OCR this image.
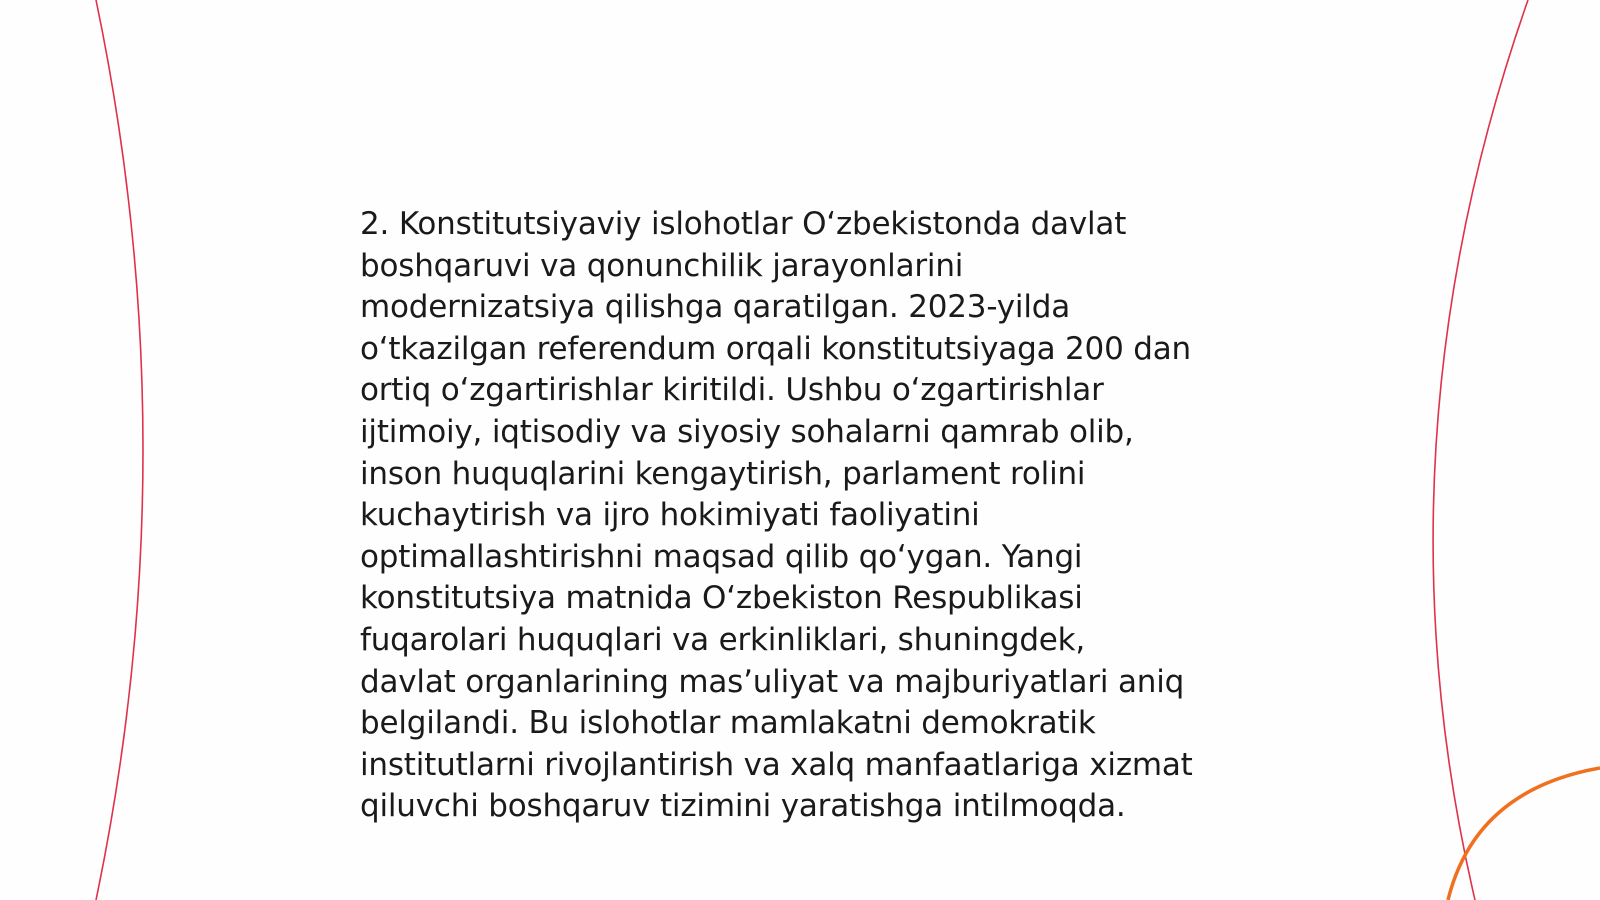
2. Konstitutsiyaviy islohotlar O‘zbekistonda davlat
boshqaruvi va qonunchilik jarayonlarini
modernizatsiya qilishga qaratilgan. 2023-yilda
o‘tkazilgan referendum orqali konstitutsiyaga 200 dan
ortiq o‘zgartirishlar kiritildi. Ushbu o‘zgartirishlar
ijtimoiy, iqtisodiy va siyosiy sohalarni qamrab olib,
inson huquqlarini kengaytirish, parlament rolini
kuchaytirish va ijro hokimiyati faoliyatini
optimallashtirishni maqsad qilib qo‘ygan. Yangi
konstitutsiya matnida O‘zbekiston Respublikasi
fuqarolari huquqlari va erkinliklari, shuningdek,
davlat organlarining mas’uliyat va majburiyatlari aniq
belgilandi. Bu islohotlar mamlakatni demokratik
institutlarni rivojlantirish va xalq manfaatlariga xizmat
qiluvchi boshqaruv tizimini yaratishga intilmoqda.
